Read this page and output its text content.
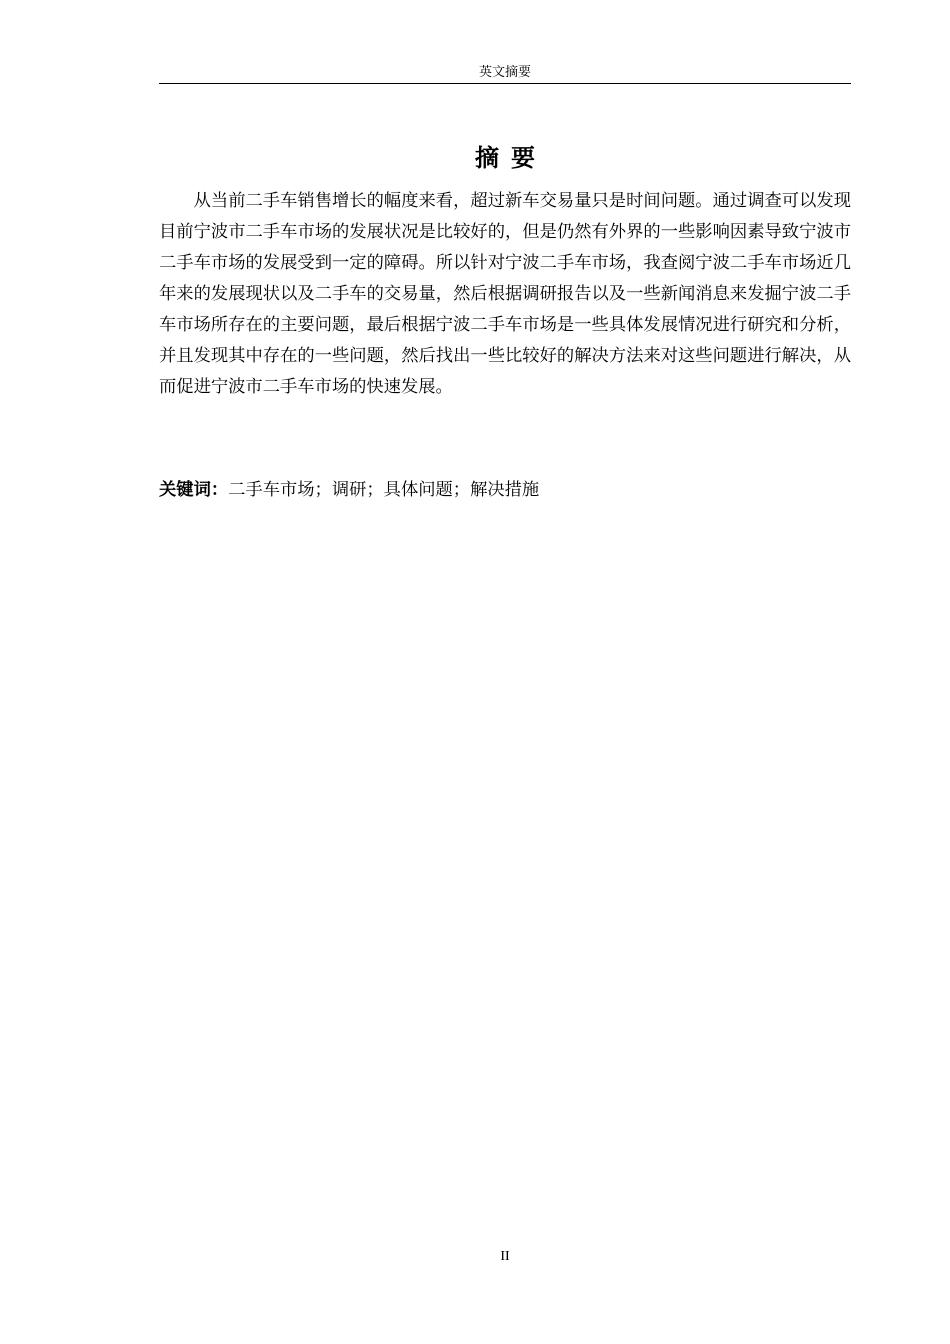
英文摘要
摘要

从当前二手车销售增长的幅度来看，超过新车交易量只是时间问题。通过调查可以发现目前宁波市二手车市场的发展状况是比较好的，但是仍然有外界的一些影响因素导致宁波市二手车市场的发展受到一定的障碍。所以针对宁波二手车市场，我查阅宁波二手车市场近几年来的发展现状以及二手车的交易量，然后根据调研报告以及一些新闻消息来发掘宁波二手车市场所存在的主要问题，最后根据宁波二手车市场是一些具体发展情况进行研究和分析，并且发现其中存在的一些问题，然后找出一些比较好的解决方法来对这些问题进行解决，从而促进宁波市二手车市场的快速发展。

关键词：二手车市场；调研；具体问题；解决措施
II
